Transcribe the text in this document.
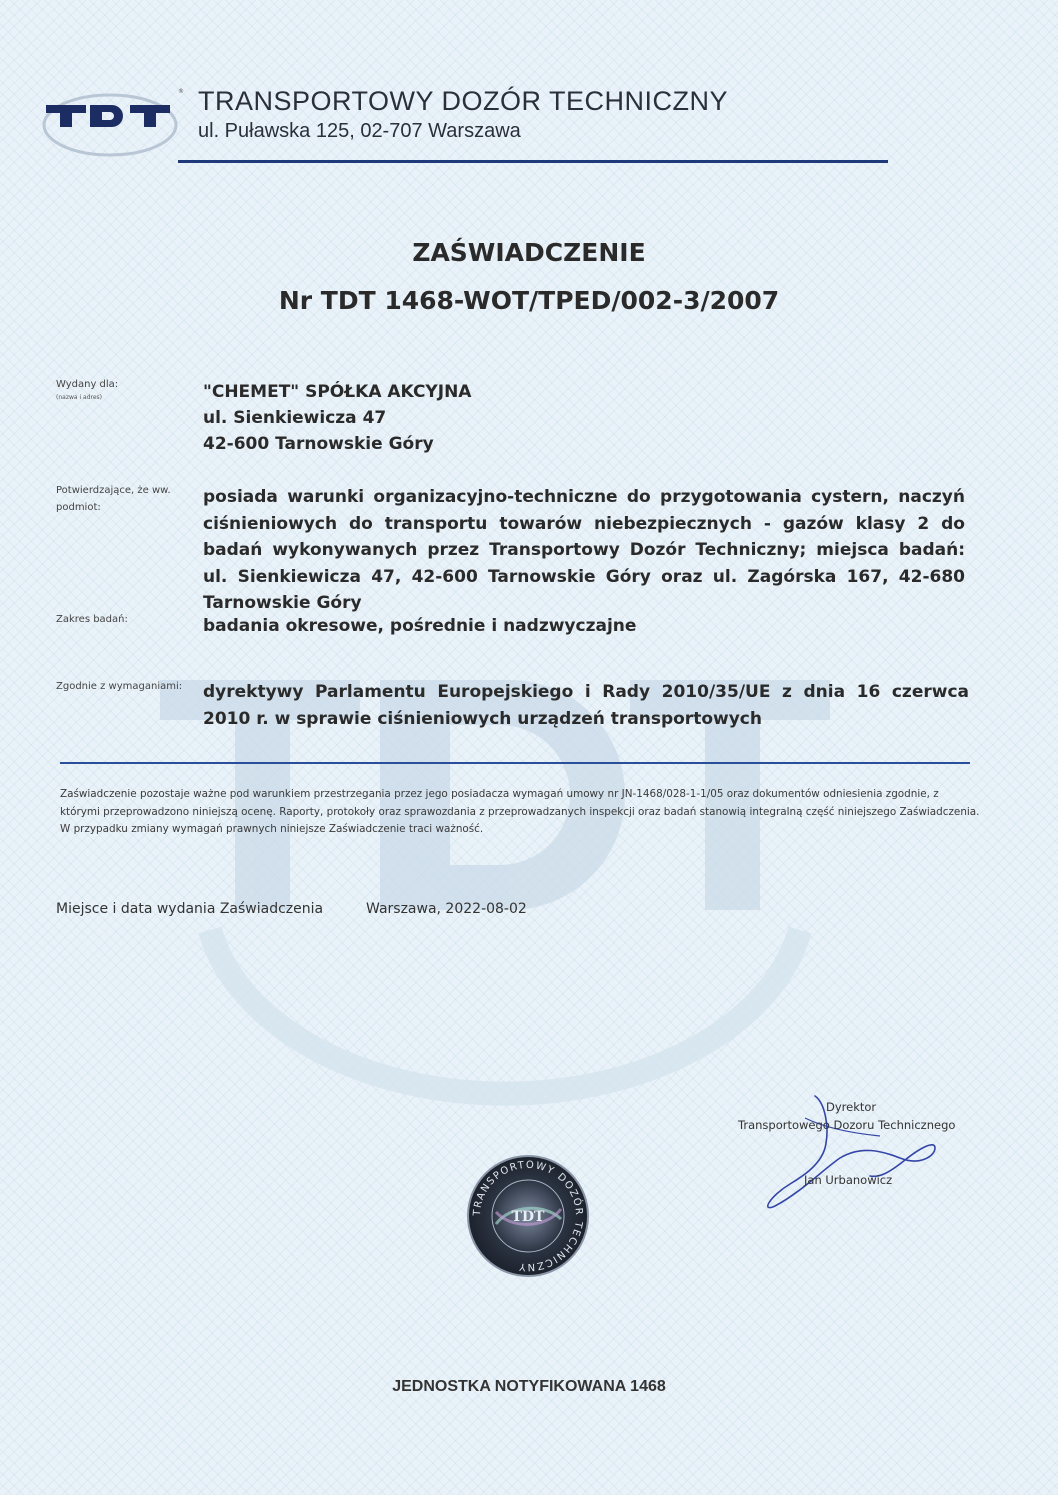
® TRANSPORTOWY DOZÓR TECHNICZNY
ul. Puławska 125, 02-707 Warszawa
ZAŚWIADCZENIE
Nr TDT 1468-WOT/TPED/002-3/2007
Wydany dla:
(nazwa i adres)	"CHEMET" SPÓŁKA AKCYJNA
ul. Sienkiewicza 47
42-600 Tarnowskie Góry
Potwierdzające, że ww.
podmiot:
posiada warunki organizacyjno-techniczne do przygotowania cystern, naczyń ciśnieniowych do transportu towarów niebezpiecznych - gazów klasy 2 do badań wykonywanych przez Transportowy Dozór Techniczny; miejsca badań: ul. Sienkiewicza 47, 42-600 Tarnowskie Góry oraz ul. Zagórska 167, 42-680 Tarnowskie Góry
Zakres badań:	badania okresowe, pośrednie i nadzwyczajne
Zgodnie z wymaganiami: dyrektywy Parlamentu Europejskiego i Rady 2010/35/UE z dnia 16 czerwca 2010 r. w sprawie ciśnieniowych urządzeń transportowych
Zaświadczenie pozostaje ważne pod warunkiem przestrzegania przez jego posiadacza wymagań umowy nr JN-1468/028-1-1/05 oraz dokumentów odniesienia zgodnie, z którymi przeprowadzono niniejszą ocenę. Raporty, protokoły oraz sprawozdania z przeprowadzanych inspekcji oraz badań stanowią integralną część niniejszego Zaświadczenia. W przypadku zmiany wymagań prawnych niniejsze Zaświadczenie traci ważność.
Miejsce i data wydania Zaświadczenia	Warszawa, 2022-08-02
Dyrektor
Transportowego Dozoru Technicznego
Jan Urbanowicz
TRANSPORTOWY DOZÓR TECHNICZNY
TDT
JEDNOSTKA NOTYFIKOWANA 1468
